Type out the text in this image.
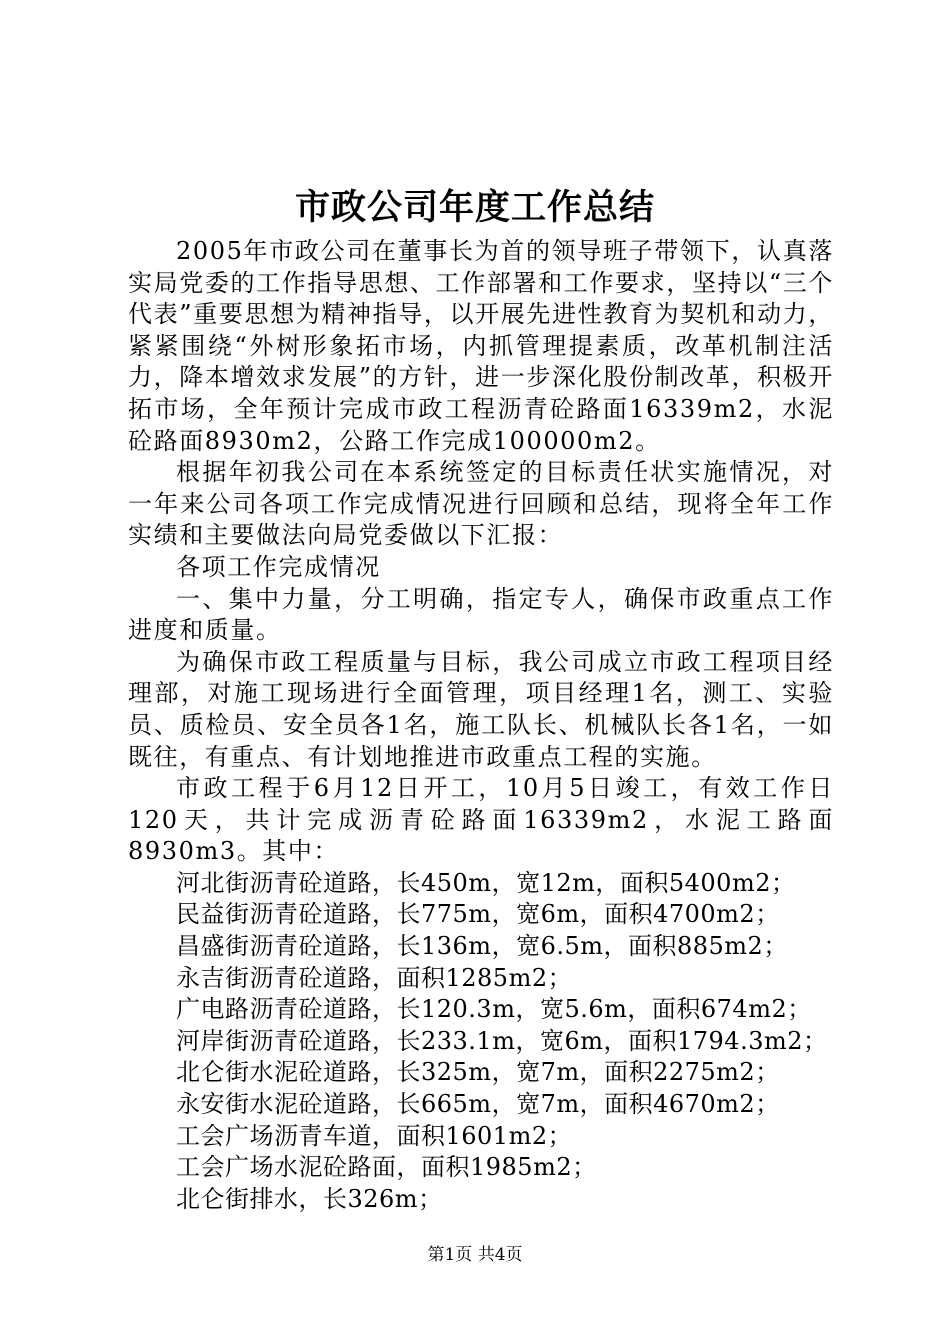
市政公司年度工作总结

2005年市政公司在董事长为首的领导班子带领下，认真落实局党委的工作指导思想、工作部署和工作要求，坚持以“三个代表”重要思想为精神指导，以开展先进性教育为契机和动力，紧紧围绕“外树形象拓市场，内抓管理提素质，改革机制注活力，降本增效求发展”的方针，进一步深化股份制改革，积极开拓市场，全年预计完成市政工程沥青砼路面16339m2，水泥砼路面8930m2，公路工作完成100000m2。

根据年初我公司在本系统签定的目标责任状实施情况，对一年来公司各项工作完成情况进行回顾和总结，现将全年工作实绩和主要做法向局党委做以下汇报：

各项工作完成情况

一、集中力量，分工明确，指定专人，确保市政重点工作进度和质量。

为确保市政工程质量与目标，我公司成立市政工程项目经理部，对施工现场进行全面管理，项目经理1名，测工、实验员、质检员、安全员各1名，施工队长、机械队长各1名，一如既往，有重点、有计划地推进市政重点工程的实施。

市政工程于6月12日开工，10月5日竣工，有效工作日120天，共计完成沥青砼路面16339m2，水泥工路面8930m3。其中：

河北街沥青砼道路，长450m，宽12m，面积5400m2；

民益街沥青砼道路，长775m，宽6m，面积4700m2；

昌盛街沥青砼道路，长136m，宽6.5m，面积885m2；

永吉街沥青砼道路，面积1285m2；

广电路沥青砼道路，长120.3m，宽5.6m，面积674m2；

河岸街沥青砼道路，长233.1m，宽6m，面积1794.3m2；

北仑街水泥砼道路，长325m，宽7m，面积2275m2；

永安街水泥砼道路，长665m，宽7m，面积4670m2；

工会广场沥青车道，面积1601m2；

工会广场水泥砼路面，面积1985m2；

北仑街排水，长326m；

第1页 共4页
